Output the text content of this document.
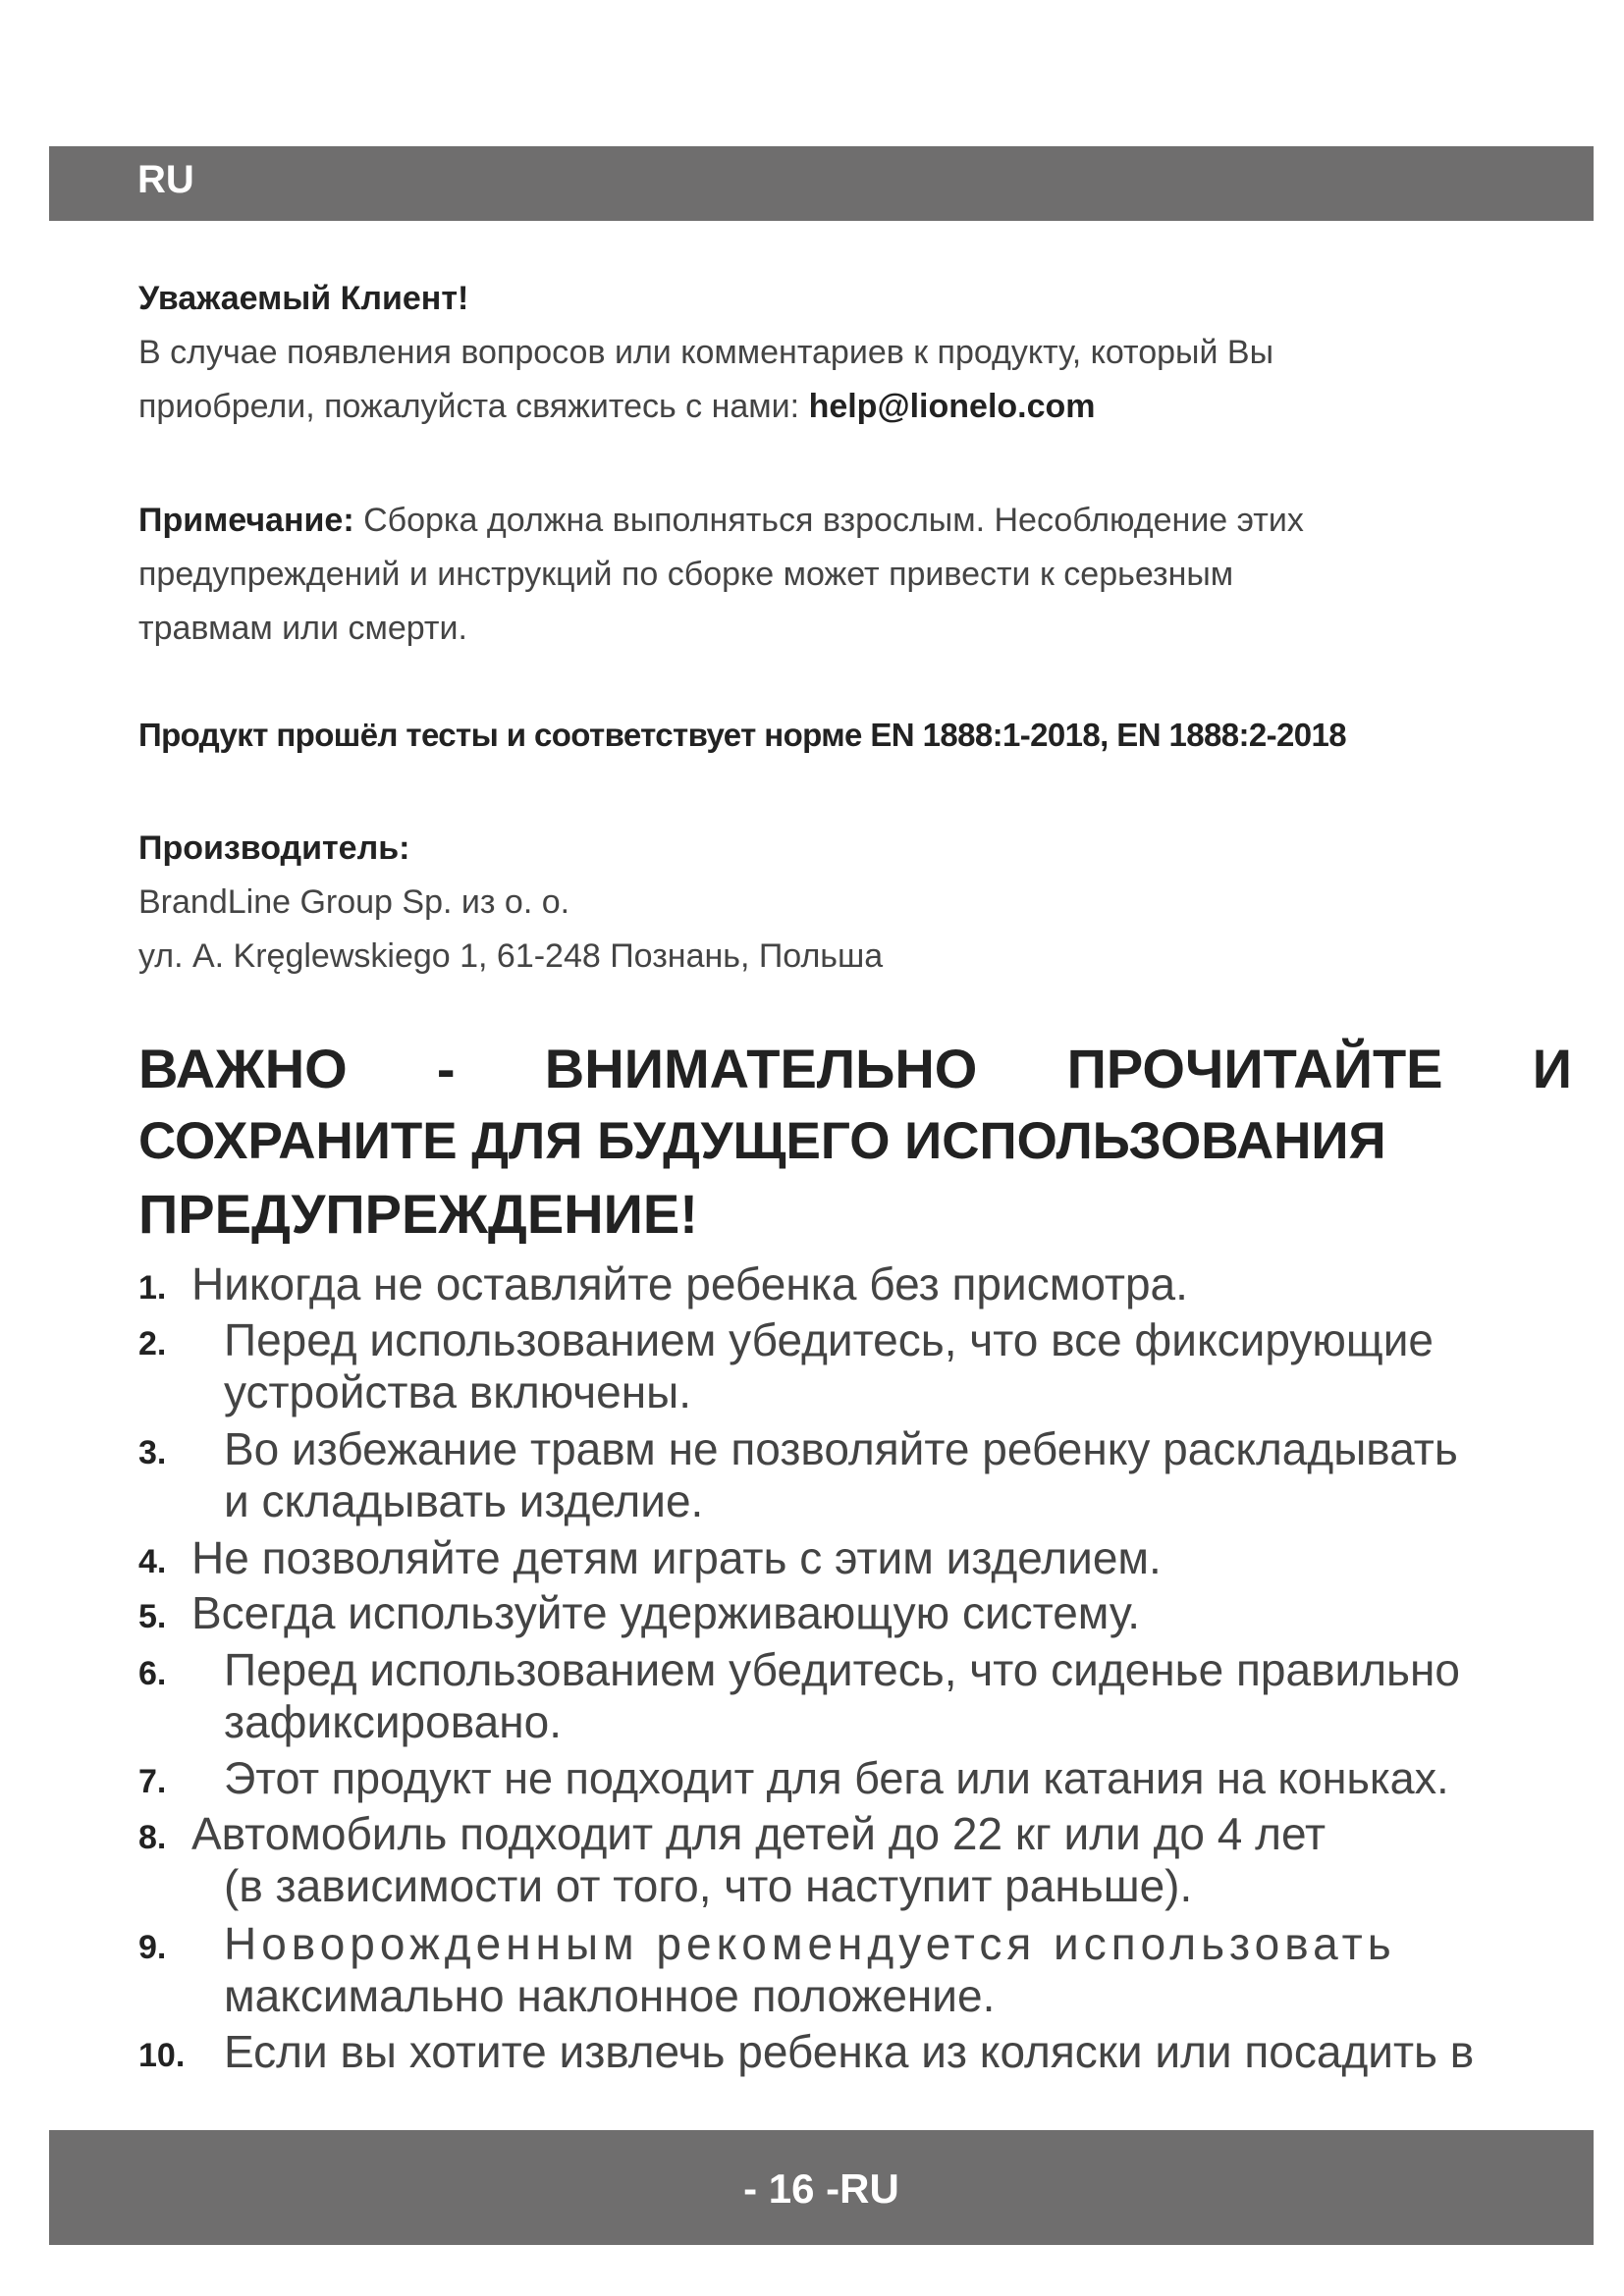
RU

Уважаемый Клиент!

В случае появления вопросов или комментариев к продукту, который Вы

приобрели, пожалуйста свяжитесь с нами: help@lionelo.com

Примечание: Сборка должна выполняться взрослым. Несоблюдение этих

предупреждений и инструкций по сборке может привести к серьезным

травмам или смерти.

Продукт прошёл тесты и соответствует норме EN 1888:1-2018, EN 1888:2-2018

Производитель:

BrandLine Group Sp. из о. о.

ул. A. Kręglewskiego 1, 61-248 Познань, Польша

ВАЖНО - ВНИМАТЕЛЬНО ПРОЧИТАЙТЕ И
СОХРАНИТЕ ДЛЯ БУДУЩЕГО ИСПОЛЬЗОВАНИЯ
ПРЕДУПРЕЖДЕНИЕ!
1. Никогда не оставляйте ребенка без присмотра.
2.	Перед использованием убедитесь, что все фиксирующие
устройства включены.
3.	Во избежание травм не позволяйте ребенку раскладывать
и складывать изделие.
4. Не позволяйте детям играть с этим изделием.
5. Всегда используйте удерживающую систему.
6.	Перед использованием убедитесь, что сиденье правильно
зафиксировано.
7.	Этот продукт не подходит для бега или катания на коньках.
8. Автомобиль подходит для детей до 22 кг или до 4 лет
(в зависимости от того, что наступит раньше).
9.	Новорожденным рекомендуется использовать
максимально наклонное положение.
10. Если вы хотите извлечь ребенка из коляски или посадить в
- 16 -RU
